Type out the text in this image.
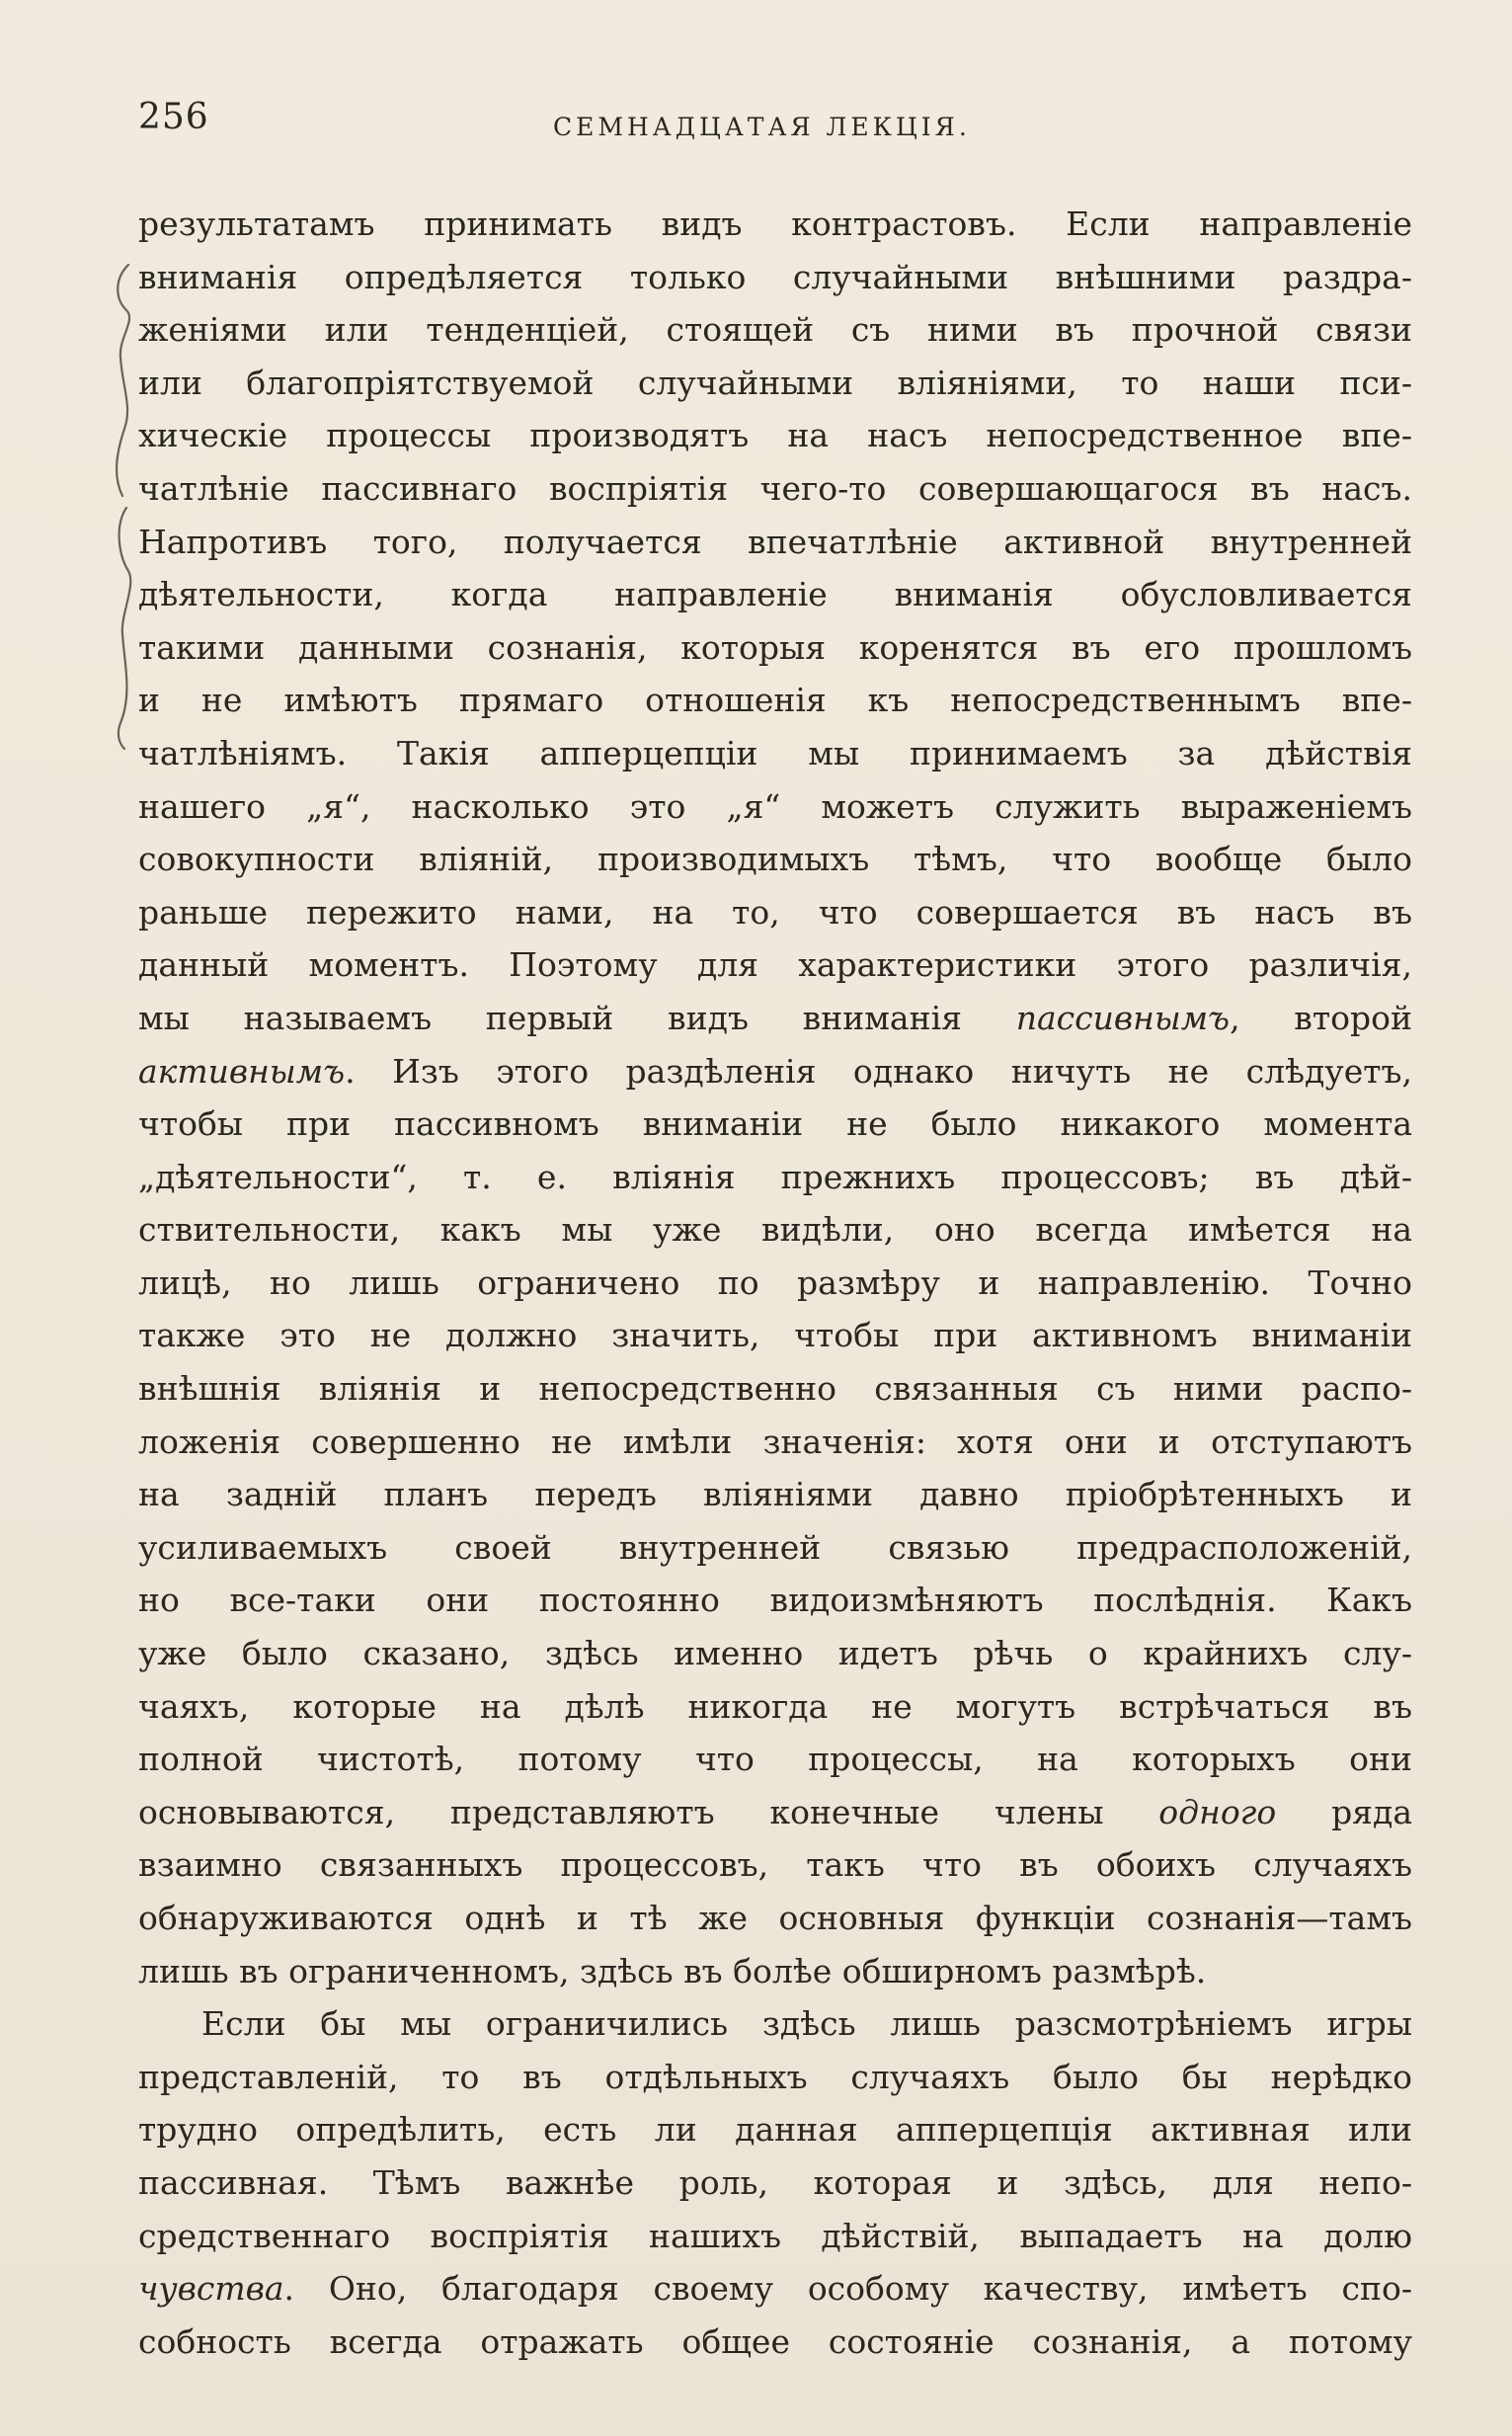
256	СЕМНАДЦАТАЯ ЛЕКЦІЯ.
результатамъ принимать видъ контрастовъ. Если направленіе
вниманія опредѣляется только случайными внѣшними раздра-
женіями или тенденціей, стоящей съ ними въ прочной связи
или благопріятствуемой случайными вліяніями, то наши пси-
хическіе процессы производятъ на насъ непосредственное впе-
чатлѣніе пассивнаго воспріятія чего-то совершающагося въ насъ.
Напротивъ того, получается впечатлѣніе активной внутренней
дѣятельности, когда направленіе вниманія обусловливается
такими данными сознанія, которыя коренятся въ его прошломъ
и не имѣютъ прямаго отношенія къ непосредственнымъ впе-
чатлѣніямъ. Такія апперцепціи мы принимаемъ за дѣйствія
нашего „я“, насколько это „я“ можетъ служить выраженіемъ
совокупности вліяній, производимыхъ тѣмъ, что вообще было
раньше пережито нами, на то, что совершается въ насъ въ
данный моментъ. Поэтому для характеристики этого различія,
мы называемъ первый видъ вниманія пассивнымъ, второй
активнымъ. Изъ этого раздѣленія однако ничуть не слѣдуетъ,
чтобы при пассивномъ вниманіи не было никакого момента
„дѣятельности“, т. е. вліянія прежнихъ процессовъ; въ дѣй-
ствительности, какъ мы уже видѣли, оно всегда имѣется на
лицѣ, но лишь ограничено по размѣру и направленію. Точно
также это не должно значить, чтобы при активномъ вниманіи
внѣшнія вліянія и непосредственно связанныя съ ними распо-
ложенія совершенно не имѣли значенія: хотя они и отступаютъ
на задній планъ передъ вліяніями давно пріобрѣтенныхъ и
усиливаемыхъ своей внутренней связью предрасположеній,
но все-таки они постоянно видоизмѣняютъ послѣднія. Какъ
уже было сказано, здѣсь именно идетъ рѣчь о крайнихъ слу-
чаяхъ, которые на дѣлѣ никогда не могутъ встрѣчаться въ
полной чистотѣ, потому что процессы, на которыхъ они
основываются, представляютъ конечные члены одного ряда
взаимно связанныхъ процессовъ, такъ что въ обоихъ случаяхъ
обнаруживаются однѣ и тѣ же основныя функціи сознанія—тамъ
лишь въ ограниченномъ, здѣсь въ болѣе обширномъ размѣрѣ.
Если бы мы ограничились здѣсь лишь разсмотрѣніемъ игры
представленій, то въ отдѣльныхъ случаяхъ было бы нерѣдко
трудно опредѣлить, есть ли данная апперцепція активная или
пассивная. Тѣмъ важнѣе роль, которая и здѣсь, для непо-
средственнаго воспріятія нашихъ дѣйствій, выпадаетъ на долю
чувства. Оно, благодаря своему особому качеству, имѣетъ спо-
собность всегда отражать общее состояніе сознанія, а потому
